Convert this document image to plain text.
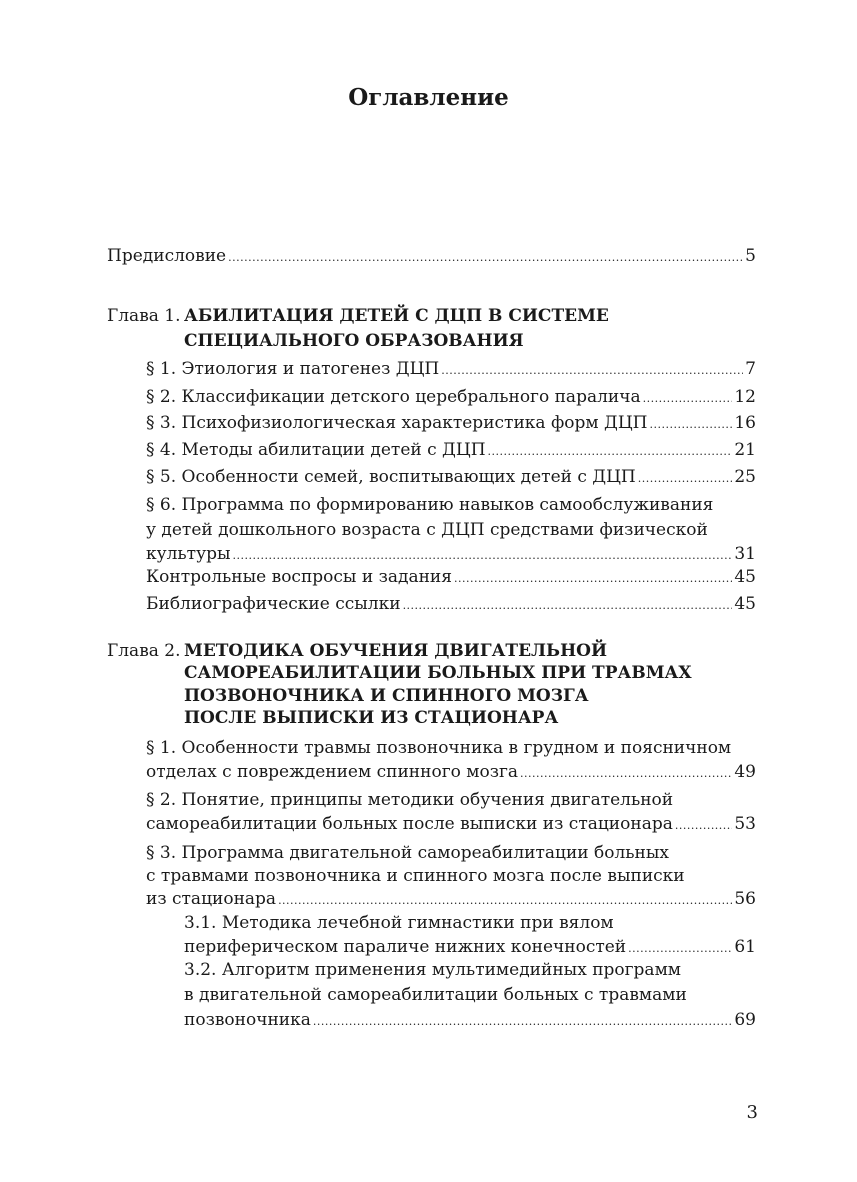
Оглавление
Предисловие .....	5
Глава 1. АБИЛИТАЦИЯ ДЕТЕЙ С ДЦП В СИСТЕМЕ
СПЕЦИАЛЬНОГО ОБРАЗОВАНИЯ
§ 1. Этиология и патогенез ДЦП .....	7
§ 2. Классификации детского церебрального паралича .....	12
§ 3. Психофизиологическая характеристика форм ДЦП .....	16
§ 4. Методы абилитации детей с ДЦП .....	21
§ 5. Особенности семей, воспитывающих детей с ДЦП .....	25
§ 6. Программа по формированию навыков самообслуживания
у детей дошкольного возраста с ДЦП средствами физической
культуры .....	31
Контрольные воспросы и задания .....	45
Библиографические ссылки .....	45
Глава 2. МЕТОДИКА ОБУЧЕНИЯ ДВИГАТЕЛЬНОЙ
САМОРЕАБИЛИТАЦИИ БОЛЬНЫХ ПРИ ТРАВМАХ
ПОЗВОНОЧНИКА И СПИННОГО МОЗГА
ПОСЛЕ ВЫПИСКИ ИЗ СТАЦИОНАРА
§ 1. Особенности травмы позвоночника в грудном и поясничном
отделах с повреждением спинного мозга .....	49
§ 2. Понятие, принципы методики обучения двигательной
самореабилитации больных после выписки из стационара .....	53
§ 3. Программа двигательной самореабилитации больных
с травмами позвоночника и спинного мозга после выписки
из стационара .....	56
3.1. Методика лечебной гимнастики при вялом
периферическом параличе нижних конечностей .....	61
3.2. Алгоритм применения мультимедийных программ
в двигательной самореабилитации больных с травмами
позвоночника .....	69
3
